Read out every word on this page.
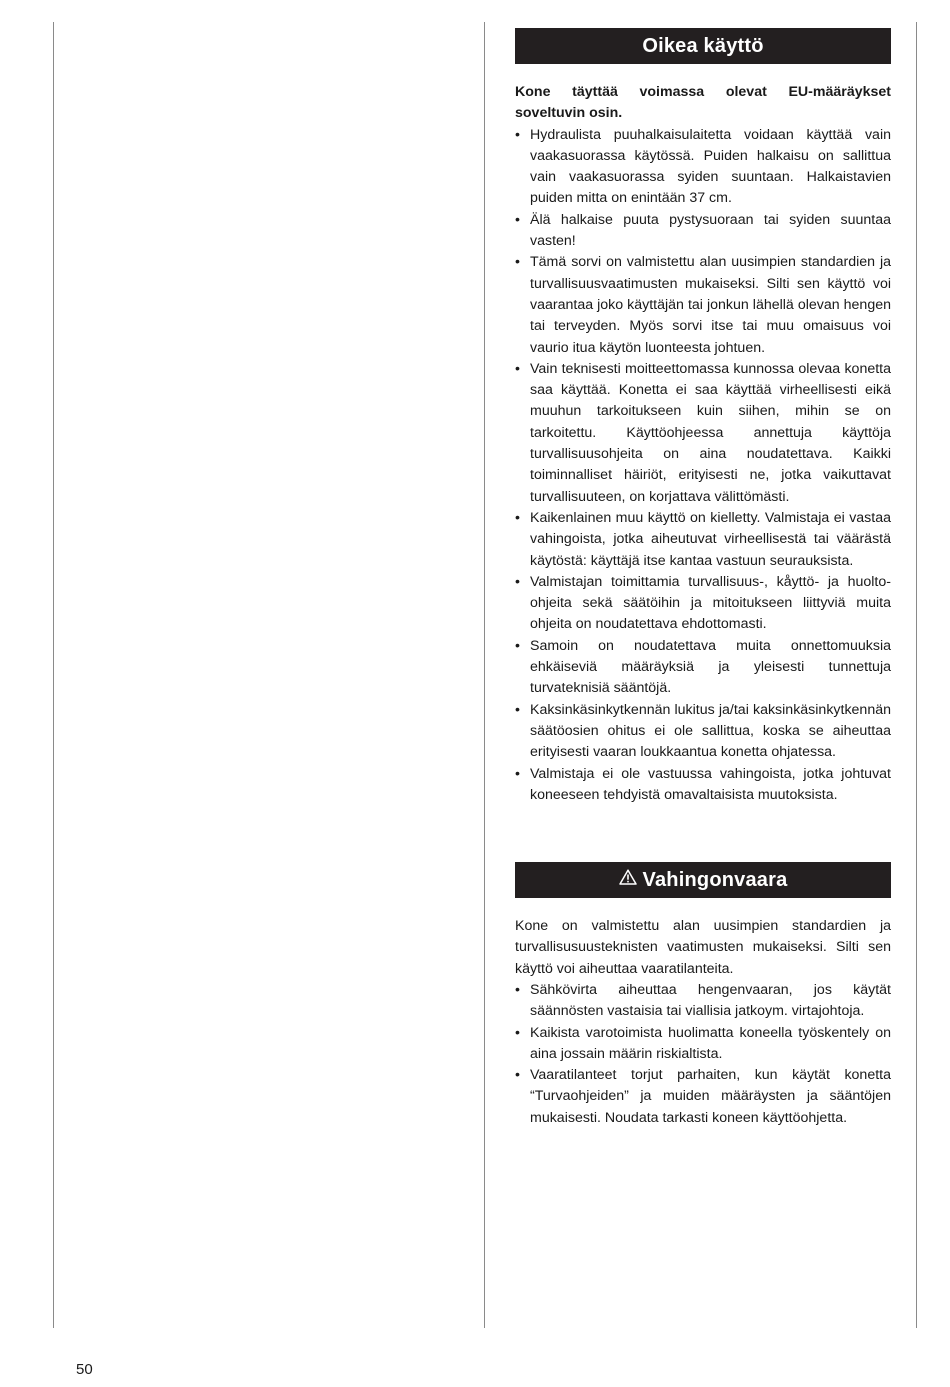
Oikea käyttö
Kone täyttää voimassa olevat EU-määräykset soveltuvin osin.
• Hydraulista puuhalkaisulaitetta voidaan käyttää vain vaakasuorassa käytössä. Puiden halkaisu on sallittua vain vaakasuorassa syiden suuntaan. Halkaistavien puiden mitta on enintään 37 cm.
• Älä halkaise puuta pystysuoraan tai syiden suuntaa vasten!
• Tämä sorvi on valmistettu alan uusimpien standardien ja turvallisuusvaatimusten mukaiseksi. Silti sen käyttö voi vaarantaa joko käyttäjän tai jonkun lähellä olevan hengen tai terveyden. Myös sorvi itse tai muu omaisuus voi vaurio itua käytön luonteesta johtuen.
• Vain teknisesti moitteettomassa kunnossa olevaa konetta saa käyttää. Konetta ei saa käyttää virheellisesti eikä muuhun tarkoitukseen kuin siihen, mihin se on tarkoitettu. Käyttöohjeessa annettuja käyttöja turvallisuusohjeita on aina noudatettava. Kaikki toiminnalliset häiriöt, erityisesti ne, jotka vaikuttavat turvallisuuteen, on korjattava välittömästi.
• Kaikenlainen muu käyttö on kielletty. Valmistaja ei vastaa vahingoista, jotka aiheutuvat virheellisestä tai väärästä käytöstä: käyttäjä itse kantaa vastuun seurauksista.
• Valmistajan toimittamia turvallisuus-, kåyttö- ja huolto-ohjeita sekä säätöihin ja mitoitukseen liittyviä muita ohjeita on noudatettava ehdottomasti.
• Samoin on noudatettava muita onnettomuuksia ehkäiseviä määräyksiä ja yleisesti tunnettuja turvateknisiä sääntöjä.
• Kaksinkäsinkytkennän lukitus ja/tai kaksinkäsinkytkennän säätöosien ohitus ei ole sallittua, koska se aiheuttaa erityisesti vaaran loukkaantua konetta ohjatessa.
• Valmistaja ei ole vastuussa vahingoista, jotka johtuvat koneeseen tehdyistä omavaltaisista muutoksista.
Vahingonvaara
Kone on valmistettu alan uusimpien standardien ja turvallisusuusteknisten vaatimusten mukaiseksi. Silti sen käyttö voi aiheuttaa vaaratilanteita.
• Sähkövirta aiheuttaa hengenvaaran, jos käytät säännösten vastaisia tai viallisia jatkoym. virtajohtoja.
• Kaikista varotoimista huolimatta koneella työskentely on aina jossain määrin riskialtista.
• Vaaratilanteet torjut parhaiten, kun käytät konetta “Turvaohjeiden” ja muiden määräysten ja sääntöjen mukaisesti. Noudata tarkasti koneen käyttöohjetta.
50
